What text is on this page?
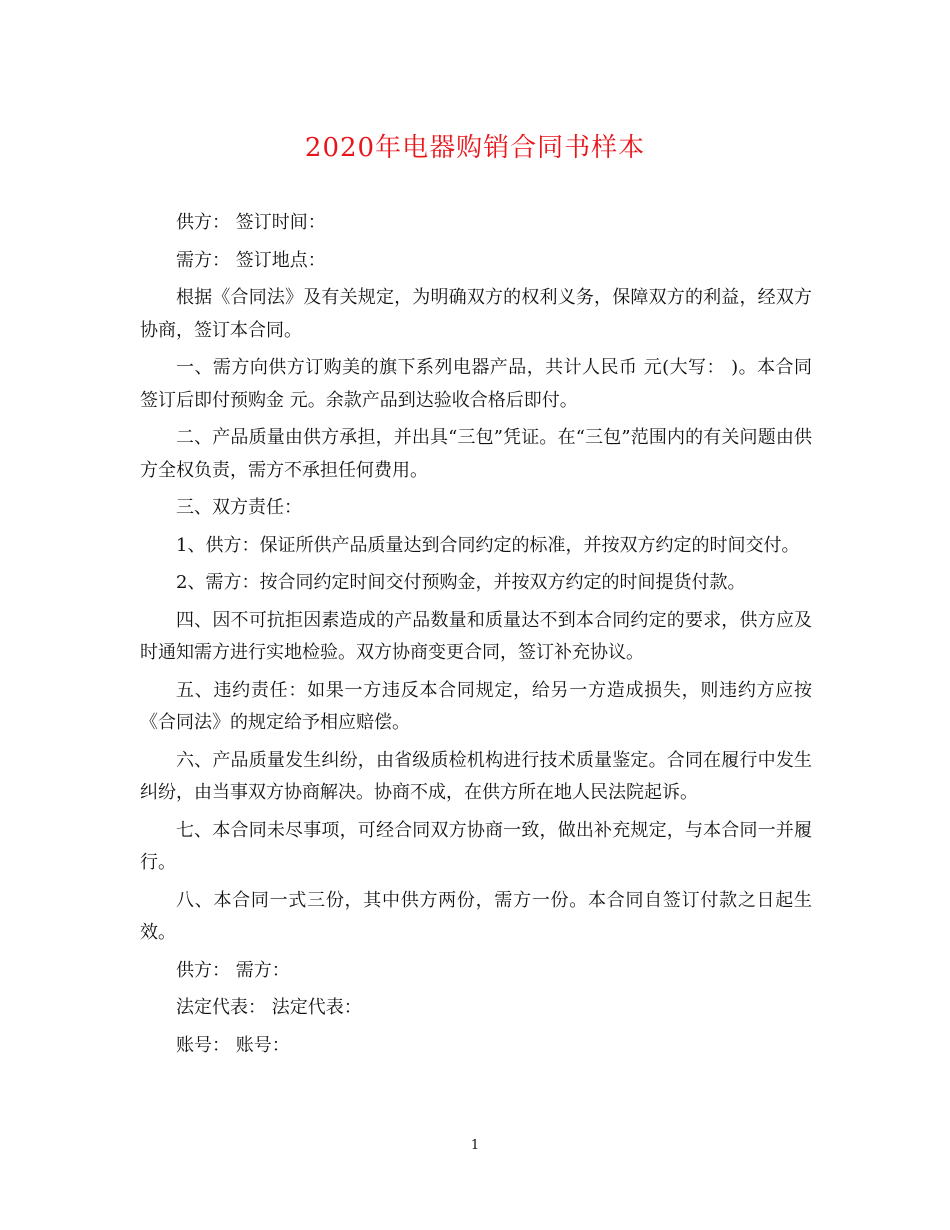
2020年电器购销合同书样本

供方： 签订时间：

需方： 签订地点：

根据《合同法》及有关规定，为明确双方的权利义务，保障双方的利益，经双方协商，签订本合同。

一、需方向供方订购美的旗下系列电器产品，共计人民币 元(大写： )。本合同签订后即付预购金 元。余款产品到达验收合格后即付。

二、产品质量由供方承担，并出具“三包”凭证。在“三包”范围内的有关问题由供方全权负责，需方不承担任何费用。

三、双方责任：

1、供方：保证所供产品质量达到合同约定的标准，并按双方约定的时间交付。

2、需方：按合同约定时间交付预购金，并按双方约定的时间提货付款。

四、因不可抗拒因素造成的产品数量和质量达不到本合同约定的要求，供方应及时通知需方进行实地检验。双方协商变更合同，签订补充协议。

五、违约责任：如果一方违反本合同规定，给另一方造成损失，则违约方应按《合同法》的规定给予相应赔偿。

六、产品质量发生纠纷，由省级质检机构进行技术质量鉴定。合同在履行中发生纠纷，由当事双方协商解决。协商不成，在供方所在地人民法院起诉。

七、本合同未尽事项，可经合同双方协商一致，做出补充规定，与本合同一并履行。

八、本合同一式三份，其中供方两份，需方一份。本合同自签订付款之日起生效。

供方： 需方：

法定代表： 法定代表：

账号： 账号：

1
